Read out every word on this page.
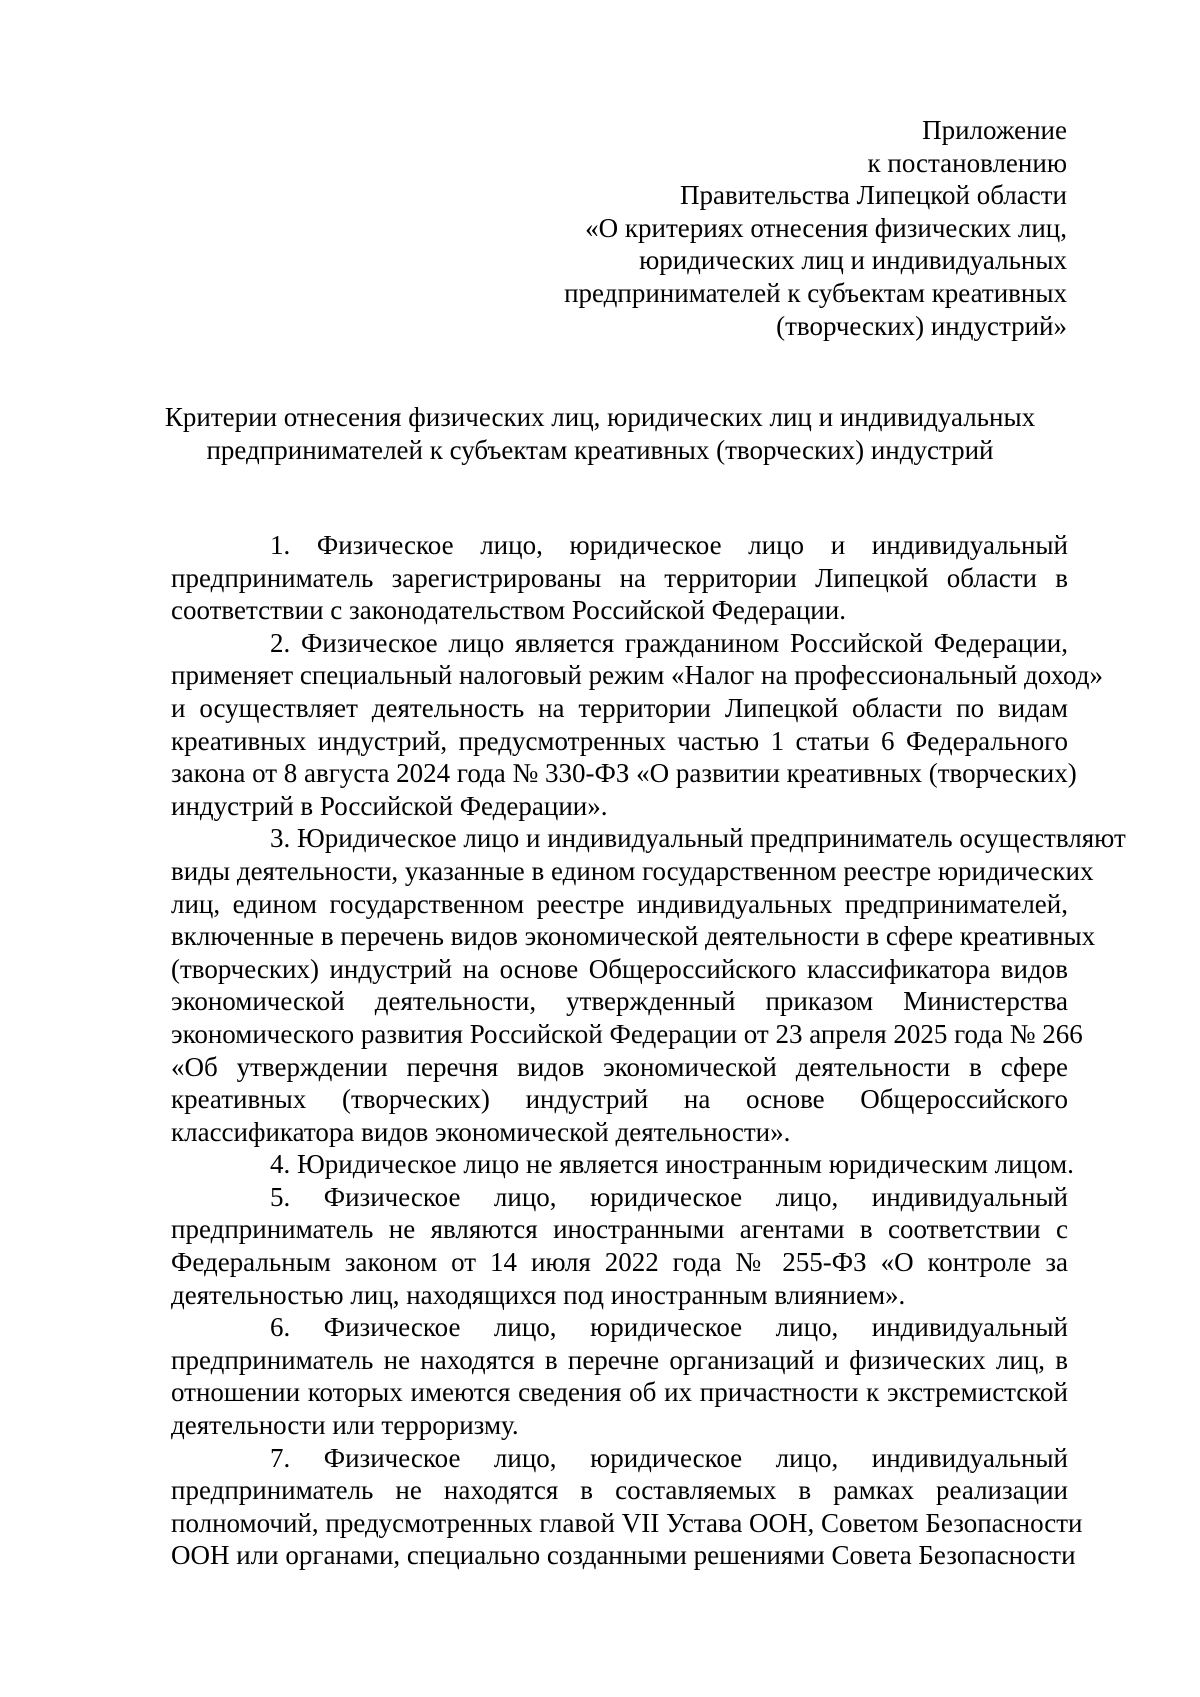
Приложение
к постановлению
Правительства Липецкой области
«О критериях отнесения физических лиц,
юридических лиц и индивидуальных
предпринимателей к субъектам креативных
(творческих) индустрий»
Критерии отнесения физических лиц, юридических лиц и индивидуальных
предпринимателей к субъектам креативных (творческих) индустрий
1. Физическое лицо, юридическое лицо и индивидуальный
предприниматель зарегистрированы на территории Липецкой области в
соответствии с законодательством Российской Федерации.
2. Физическое лицо является гражданином Российской Федерации,
применяет специальный налоговый режим «Налог на профессиональный доход»
и осуществляет деятельность на территории Липецкой области по видам
креативных индустрий, предусмотренных частью 1 статьи 6 Федерального
закона от 8 августа 2024 года № 330-ФЗ «О развитии креативных (творческих)
индустрий в Российской Федерации».
3. Юридическое лицо и индивидуальный предприниматель осуществляют
виды деятельности, указанные в едином государственном реестре юридических
лиц, едином государственном реестре индивидуальных предпринимателей,
включенные в перечень видов экономической деятельности в сфере креативных
(творческих) индустрий на основе Общероссийского классификатора видов
экономической деятельности, утвержденный приказом Министерства
экономического развития Российской Федерации от 23 апреля 2025 года № 266
«Об утверждении перечня видов экономической деятельности в сфере
креативных (творческих) индустрий на основе Общероссийского
классификатора видов экономической деятельности».
4. Юридическое лицо не является иностранным юридическим лицом.
5. Физическое лицо, юридическое лицо, индивидуальный
предприниматель не являются иностранными агентами в соответствии с
Федеральным законом от 14 июля 2022 года № 255-ФЗ «О контроле за
деятельностью лиц, находящихся под иностранным влиянием».
6. Физическое лицо, юридическое лицо, индивидуальный
предприниматель не находятся в перечне организаций и физических лиц, в
отношении которых имеются сведения об их причастности к экстремистской
деятельности или терроризму.
7. Физическое лицо, юридическое лицо, индивидуальный
предприниматель не находятся в составляемых в рамках реализации
полномочий, предусмотренных главой VII Устава ООН, Советом Безопасности
ООН или органами, специально созданными решениями Совета Безопасности
